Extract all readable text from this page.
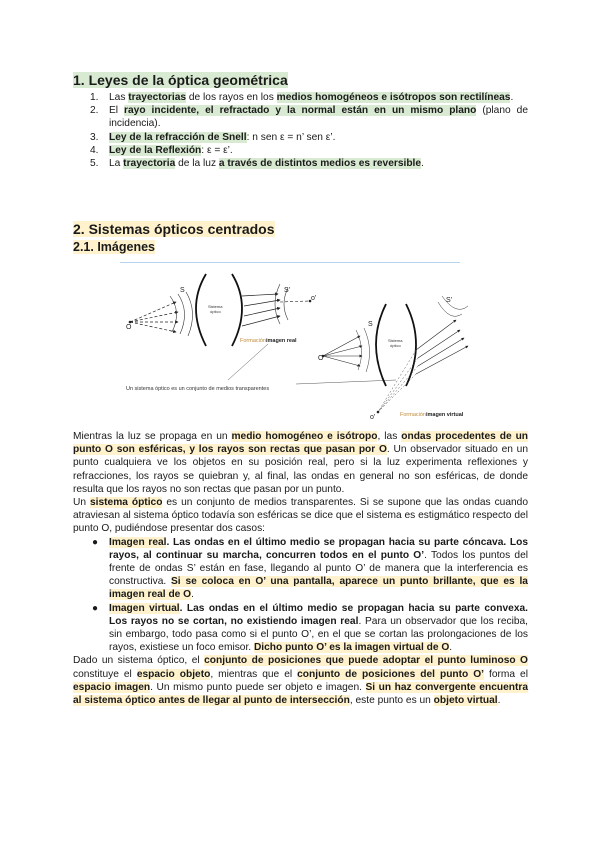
1. Leyes de la óptica geométrica
1. Las trayectorias de los rayos en los medios homogéneos e isótropos son rectilíneas.
2. El rayo incidente, el refractado y la normal están en un mismo plano (plano de incidencia).
3. Ley de la refracción de Snell: n sen ε = n’ sen ε’.
4. Ley de la Reflexión: ε = ε’.
5. La trayectoria de la luz a través de distintos medios es reversible.
2. Sistemas ópticos centrados
2.1. Imágenes
O
S	S’
o’
Sistema
óptico
Formación imagen real
Un sistema óptico es un conjunto de medios transparentes
O
S
S’
o’
Sistema
óptico
Formación imagen virtual

Mientras la luz se propaga en un medio homogéneo e isótropo, las ondas procedentes de un punto O son esféricas, y los rayos son rectas que pasan por O. Un observador situado en un punto cualquiera ve los objetos en su posición real, pero si la luz experimenta reflexiones y refracciones, los rayos se quiebran y, al final, las ondas en general no son esféricas, de donde resulta que los rayos no son rectas que pasan por un punto.

Un sistema óptico es un conjunto de medios transparentes. Si se supone que las ondas cuando atraviesan al sistema óptico todavía son esféricas se dice que el sistema es estigmático respecto del punto O, pudiéndose presentar dos casos:

● Imagen real. Las ondas en el último medio se propagan hacia su parte cóncava. Los rayos, al continuar su marcha, concurren todos en el punto O’. Todos los puntos del frente de ondas S’ están en fase, llegando al punto O’ de manera que la interferencia es constructiva. Si se coloca en O’ una pantalla, aparece un punto brillante, que es la imagen real de O.
● Imagen virtual. Las ondas en el último medio se propagan hacia su parte convexa. Los rayos no se cortan, no existiendo imagen real. Para un observador que los reciba, sin embargo, todo pasa como si el punto O’, en el que se cortan las prolongaciones de los rayos, existiese un foco emisor. Dicho punto O’ es la imagen virtual de O.

Dado un sistema óptico, el conjunto de posiciones que puede adoptar el punto luminoso O constituye el espacio objeto, mientras que el conjunto de posiciones del punto O’ forma el espacio imagen. Un mismo punto puede ser objeto e imagen. Si un haz convergente encuentra al sistema óptico antes de llegar al punto de intersección, este punto es un objeto virtual.
